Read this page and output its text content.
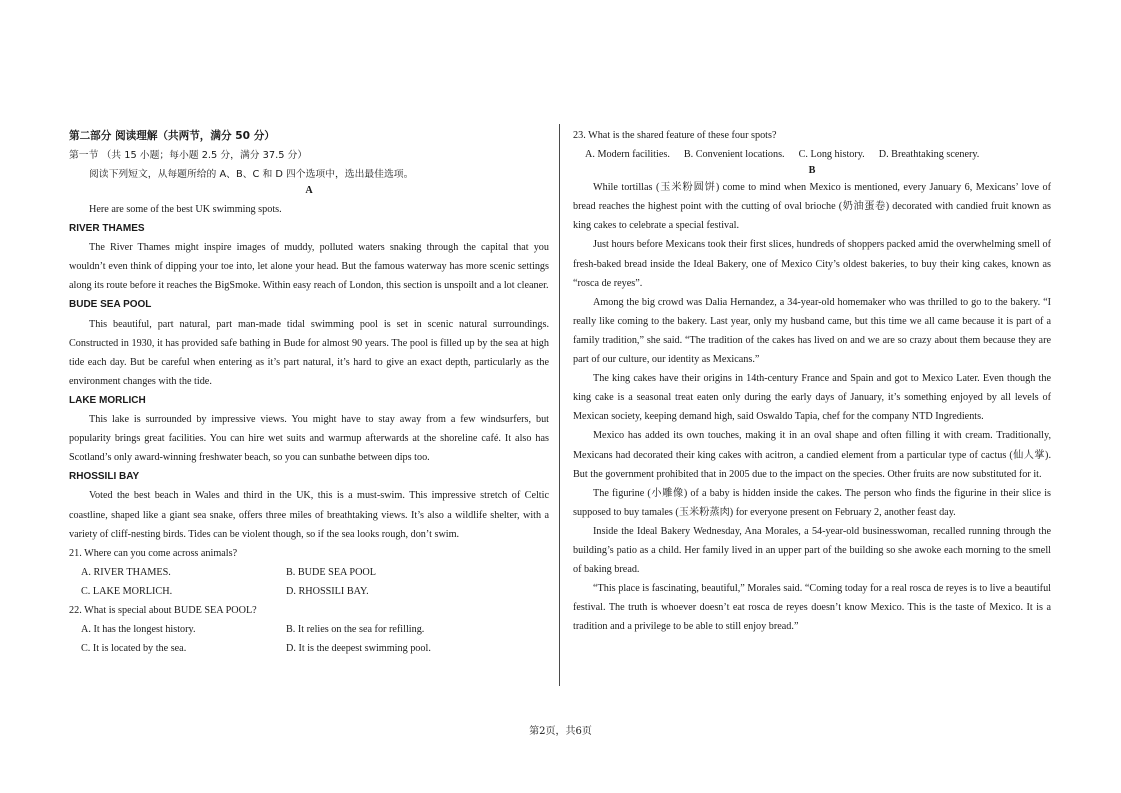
第二部分 阅读理解（共两节，满分 50 分）
第一节 （共 15 小题；每小题 2.5 分，满分 37.5 分）
阅读下列短文，从每题所给的 A、B、C 和 D 四个选项中，选出最佳选项。
A

Here are some of the best UK swimming spots.

RIVER THAMES

The River Thames might inspire images of muddy, polluted waters snaking through the capital that you wouldn’t even think of dipping your toe into, let alone your head. But the famous waterway has more scenic settings along its route before it reaches the BigSmoke. Within easy reach of London, this section is unspoilt and a lot cleaner.

BUDE SEA POOL

This beautiful, part natural, part man-made tidal swimming pool is set in scenic natural surroundings. Constructed in 1930, it has provided safe bathing in Bude for almost 90 years. The pool is filled up by the sea at high tide each day. But be careful when entering as it’s part natural, it’s hard to give an exact depth, particularly as the environment changes with the tide.

LAKE MORLICH

This lake is surrounded by impressive views. You might have to stay away from a few windsurfers, but popularity brings great facilities. You can hire wet suits and warmup afterwards at the shoreline café. It also has Scotland’s only award-winning freshwater beach, so you can sunbathe between dips too.

RHOSSILI BAY

Voted the best beach in Wales and third in the UK, this is a must-swim. This impressive stretch of Celtic coastline, shaped like a giant sea snake, offers three miles of breathtaking views. It’s also a wildlife shelter, with a variety of cliff-nesting birds. Tides can be violent though, so if the sea looks rough, don’t swim.

21. Where can you come across animals?

A. RIVER THAMES.	B. BUDE SEA POOL
C. LAKE MORLICH.	D. RHOSSILI BAY.

22. What is special about BUDE SEA POOL?

A. It has the longest history.	B. It relies on the sea for refilling.
C. It is located by the sea.	D. It is the deepest swimming pool.

23. What is the shared feature of these four spots?

A. Modern facilities. B. Convenient locations. C. Long history. D. Breathtaking scenery.
B

While tortillas (玉米粉圆饼) come to mind when Mexico is mentioned, every January 6, Mexicans’ love of bread reaches the highest point with the cutting of oval brioche (奶油蛋卷) decorated with candied fruit known as king cakes to celebrate a special festival.

Just hours before Mexicans took their first slices, hundreds of shoppers packed amid the overwhelming smell of fresh-baked bread inside the Ideal Bakery, one of Mexico City’s oldest bakeries, to buy their king cakes, known as “rosca de reyes”.

Among the big crowd was Dalia Hernandez, a 34-year-old homemaker who was thrilled to go to the bakery. “I really like coming to the bakery. Last year, only my husband came, but this time we all came because it is part of a family tradition,” she said. “The tradition of the cakes has lived on and we are so crazy about them because they are part of our culture, our identity as Mexicans.”

The king cakes have their origins in 14th-century France and Spain and got to Mexico Later. Even though the king cake is a seasonal treat eaten only during the early days of January, it’s something enjoyed by all levels of Mexican society, keeping demand high, said Oswaldo Tapia, chef for the company NTD Ingredients.

Mexico has added its own touches, making it in an oval shape and often filling it with cream. Traditionally, Mexicans had decorated their king cakes with acitron, a candied element from a particular type of cactus (仙人掌). But the government prohibited that in 2005 due to the impact on the species. Other fruits are now substituted for it.

The figurine (小雕像) of a baby is hidden inside the cakes. The person who finds the figurine in their slice is supposed to buy tamales (玉米粉蒸肉) for everyone present on February 2, another feast day.

Inside the Ideal Bakery Wednesday, Ana Morales, a 54-year-old businesswoman, recalled running through the building’s patio as a child. Her family lived in an upper part of the building so she awoke each morning to the smell of baking bread.

“This place is fascinating, beautiful,” Morales said. “Coming today for a real rosca de reyes is to live a beautiful festival. The truth is whoever doesn’t eat rosca de reyes doesn’t know Mexico. This is the taste of Mexico. It is a tradition and a privilege to be able to still enjoy bread.”

第2页，共6页
